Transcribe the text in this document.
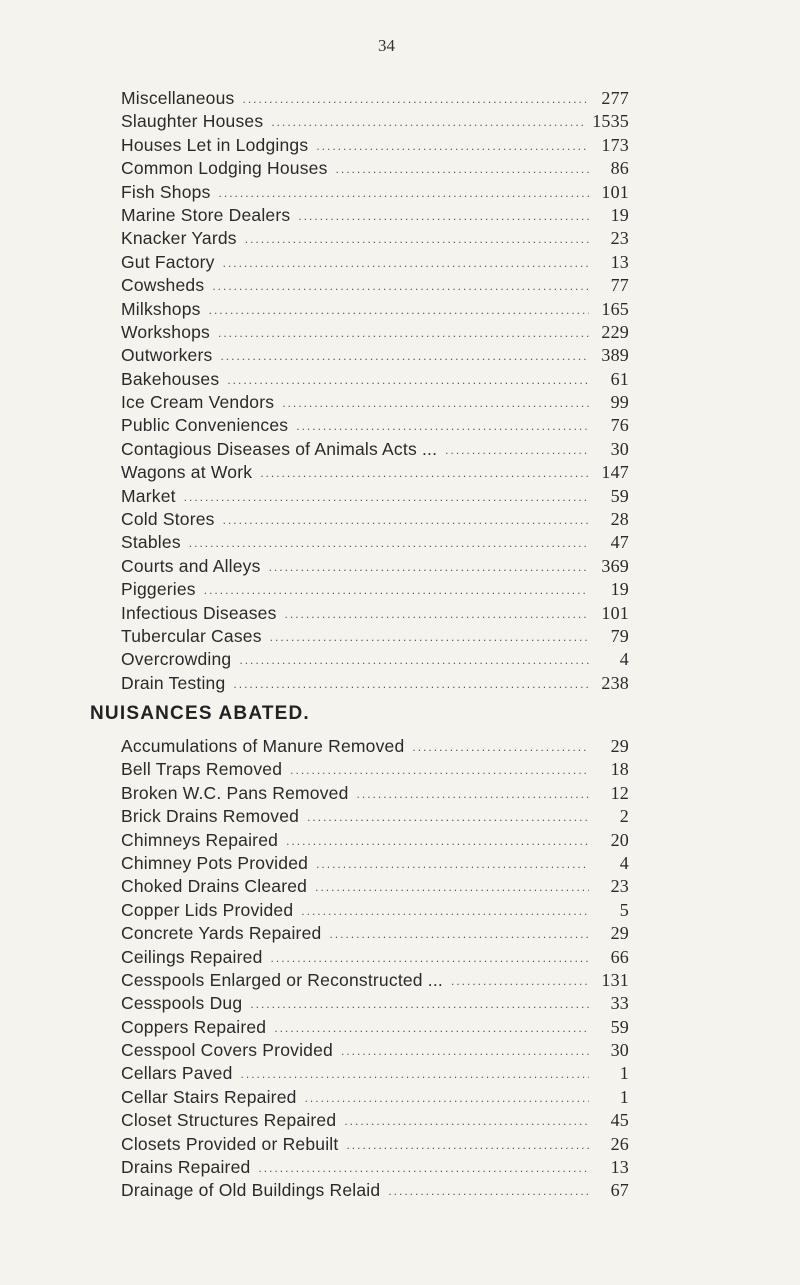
34
Miscellaneous .....	277
Slaughter Houses .....	1535
Houses Let in Lodgings .....	173
Common Lodging Houses .....	86
Fish Shops .....	101
Marine Store Dealers .....	19
Knacker Yards .....	23
Gut Factory .....	13
Cowsheds .....	77
Milkshops .....	165
Workshops .....	229
Outworkers .....	389
Bakehouses .....	61
Ice Cream Vendors .....	99
Public Conveniences .....	76
Contagious Diseases of Animals Acts ... .....	30
Wagons at Work .....	147
Market .....	59
Cold Stores .....	28
Stables .....	47
Courts and Alleys .....	369
Piggeries .....	19
Infectious Diseases .....	101
Tubercular Cases .....	79
Overcrowding .....	4
Drain Testing .....	238
NUISANCES ABATED.
Accumulations of Manure Removed .....	29
Bell Traps Removed .....	18
Broken W.C. Pans Removed .....	12
Brick Drains Removed .....	2
Chimneys Repaired .....	20
Chimney Pots Provided .....	4
Choked Drains Cleared .....	23
Copper Lids Provided .....	5
Concrete Yards Repaired .....	29
Ceilings Repaired .....	66
Cesspools Enlarged or Reconstructed ... .....	131
Cesspools Dug .....	33
Coppers Repaired .....	59
Cesspool Covers Provided .....	30
Cellars Paved .....	1
Cellar Stairs Repaired .....	1
Closet Structures Repaired .....	45
Closets Provided or Rebuilt .....	26
Drains Repaired .....	13
Drainage of Old Buildings Relaid .....	67
